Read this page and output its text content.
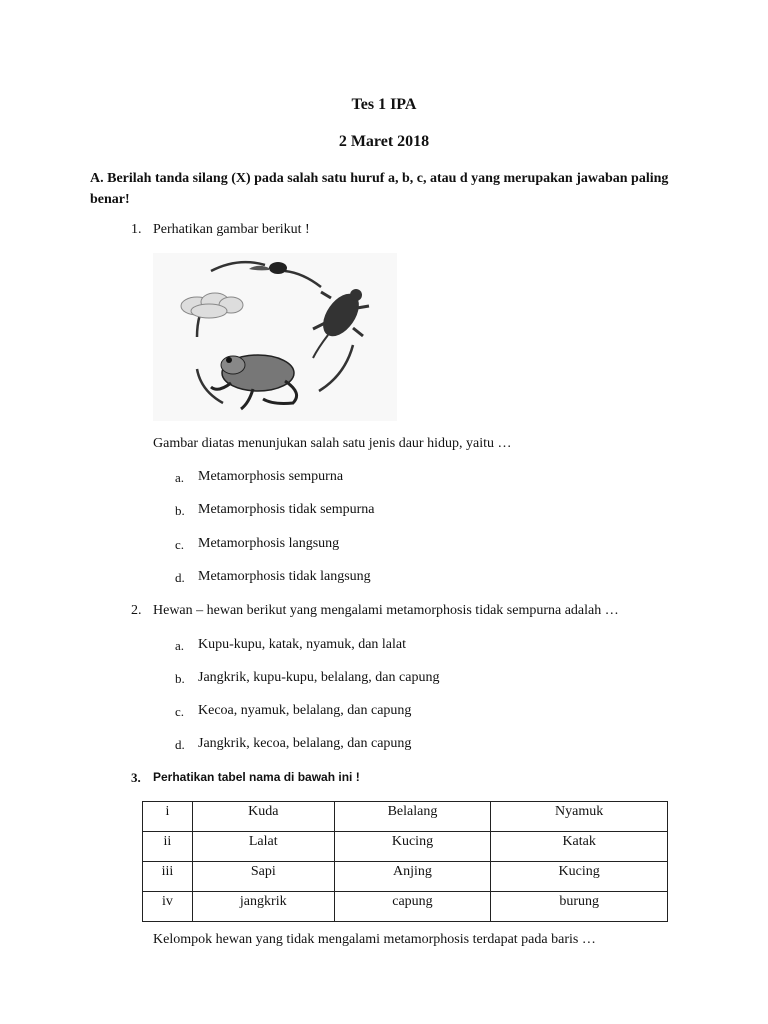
Tes 1 IPA
2 Maret 2018
A. Berilah tanda silang (X) pada salah satu huruf a, b, c, atau d yang merupakan jawaban paling benar!
1. Perhatikan gambar berikut !
Gambar diatas menunjukan salah satu jenis daur hidup, yaitu …
a. Metamorphosis sempurna
b. Metamorphosis tidak sempurna
c. Metamorphosis langsung
d. Metamorphosis tidak langsung
2. Hewan – hewan berikut yang mengalami metamorphosis tidak sempurna adalah …
a. Kupu-kupu, katak, nyamuk, dan lalat
b. Jangkrik, kupu-kupu, belalang, dan capung
c. Kecoa, nyamuk, belalang, dan capung
d. Jangkrik, kecoa, belalang, dan capung
3. Perhatikan tabel nama di bawah ini !
i	Kuda	Belalang	Nyamuk
ii	Lalat	Kucing	Katak
iii	Sapi	Anjing	Kucing
iv	jangkrik	capung	burung
Kelompok hewan yang tidak mengalami metamorphosis terdapat pada baris …
